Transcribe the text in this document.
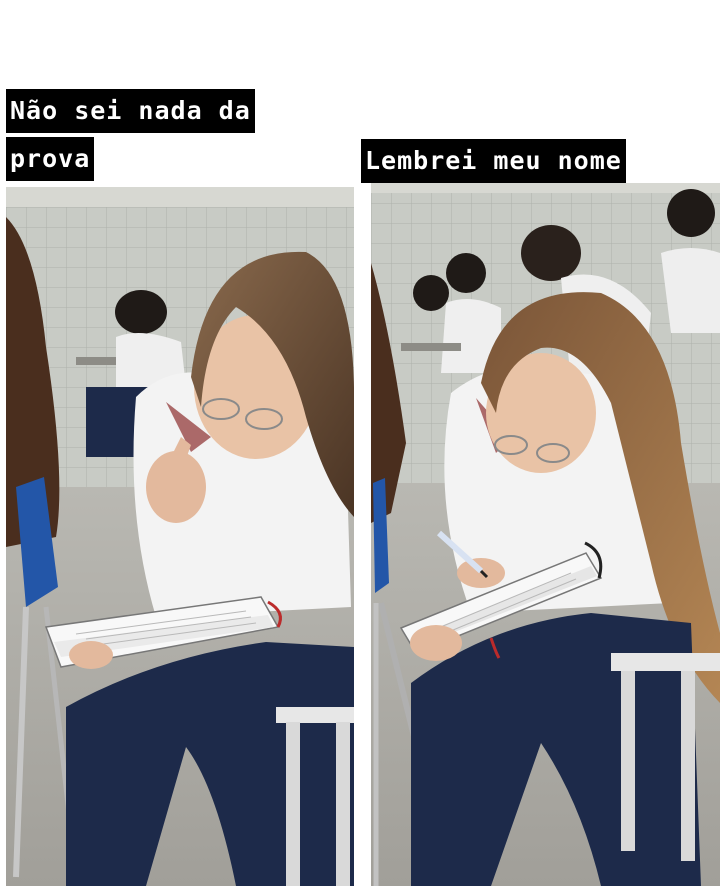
Não sei nada da
prova	Lembrei meu nome
